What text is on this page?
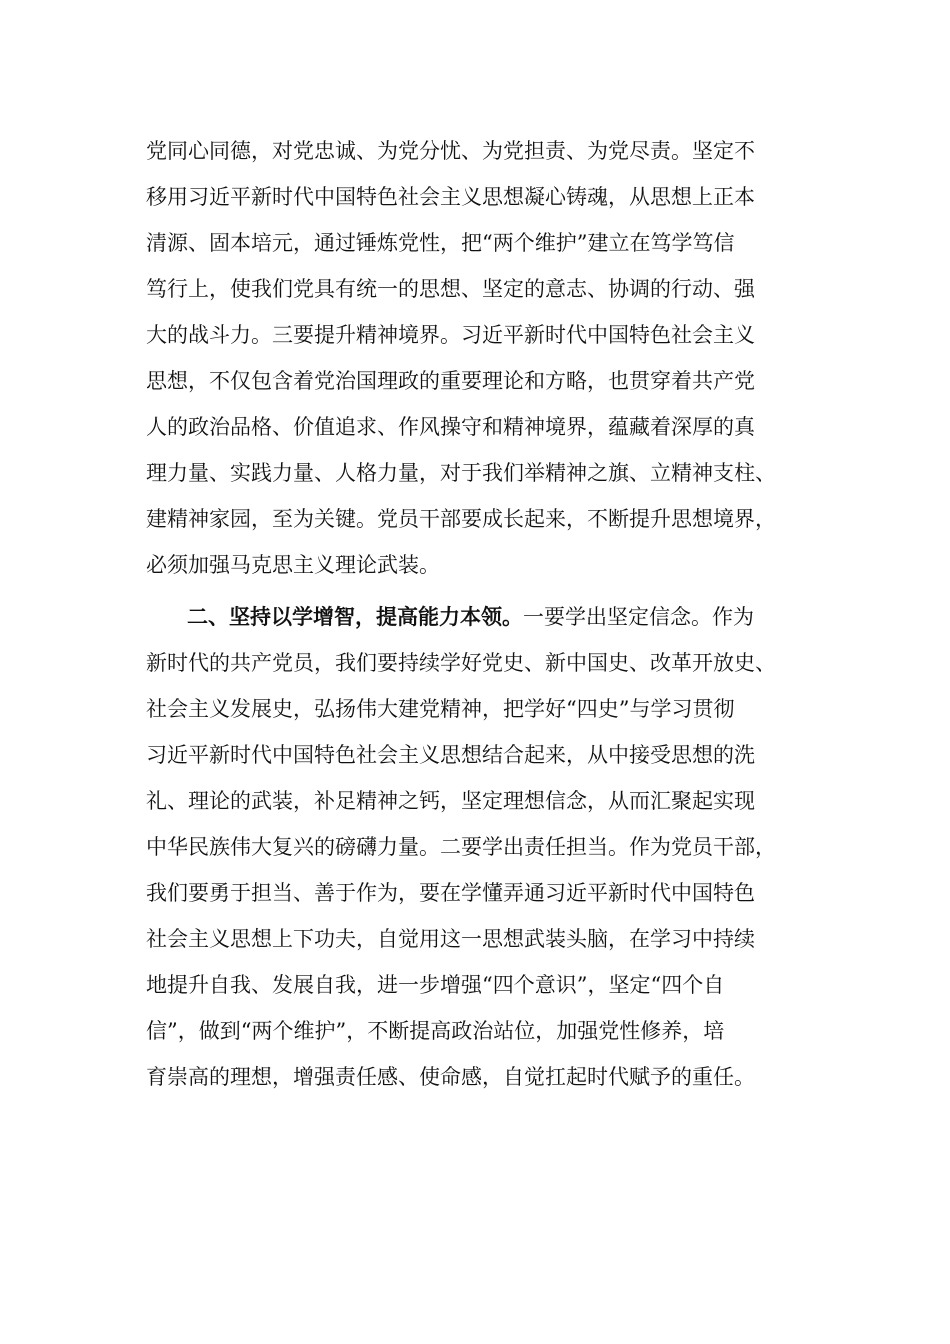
党同心同德，对党忠诚、为党分忧、为党担责、为党尽责。坚定不
移用习近平新时代中国特色社会主义思想凝心铸魂，从思想上正本
清源、固本培元，通过锤炼党性，把“两个维护”建立在笃学笃信
笃行上，使我们党具有统一的思想、坚定的意志、协调的行动、强
大的战斗力。三要提升精神境界。习近平新时代中国特色社会主义
思想，不仅包含着党治国理政的重要理论和方略，也贯穿着共产党
人的政治品格、价值追求、作风操守和精神境界，蕴藏着深厚的真
理力量、实践力量、人格力量，对于我们举精神之旗、立精神支柱、
建精神家园，至为关键。党员干部要成长起来，不断提升思想境界，
必须加强马克思主义理论武装。
二、坚持以学增智，提高能力本领。一要学出坚定信念。作为
新时代的共产党员，我们要持续学好党史、新中国史、改革开放史、
社会主义发展史，弘扬伟大建党精神，把学好“四史”与学习贯彻
习近平新时代中国特色社会主义思想结合起来，从中接受思想的洗
礼、理论的武装，补足精神之钙，坚定理想信念，从而汇聚起实现
中华民族伟大复兴的磅礴力量。二要学出责任担当。作为党员干部，
我们要勇于担当、善于作为，要在学懂弄通习近平新时代中国特色
社会主义思想上下功夫，自觉用这一思想武装头脑，在学习中持续
地提升自我、发展自我，进一步增强“四个意识”，坚定“四个自
信”，做到“两个维护”，不断提高政治站位，加强党性修养，培
育崇高的理想，增强责任感、使命感，自觉扛起时代赋予的重任。
